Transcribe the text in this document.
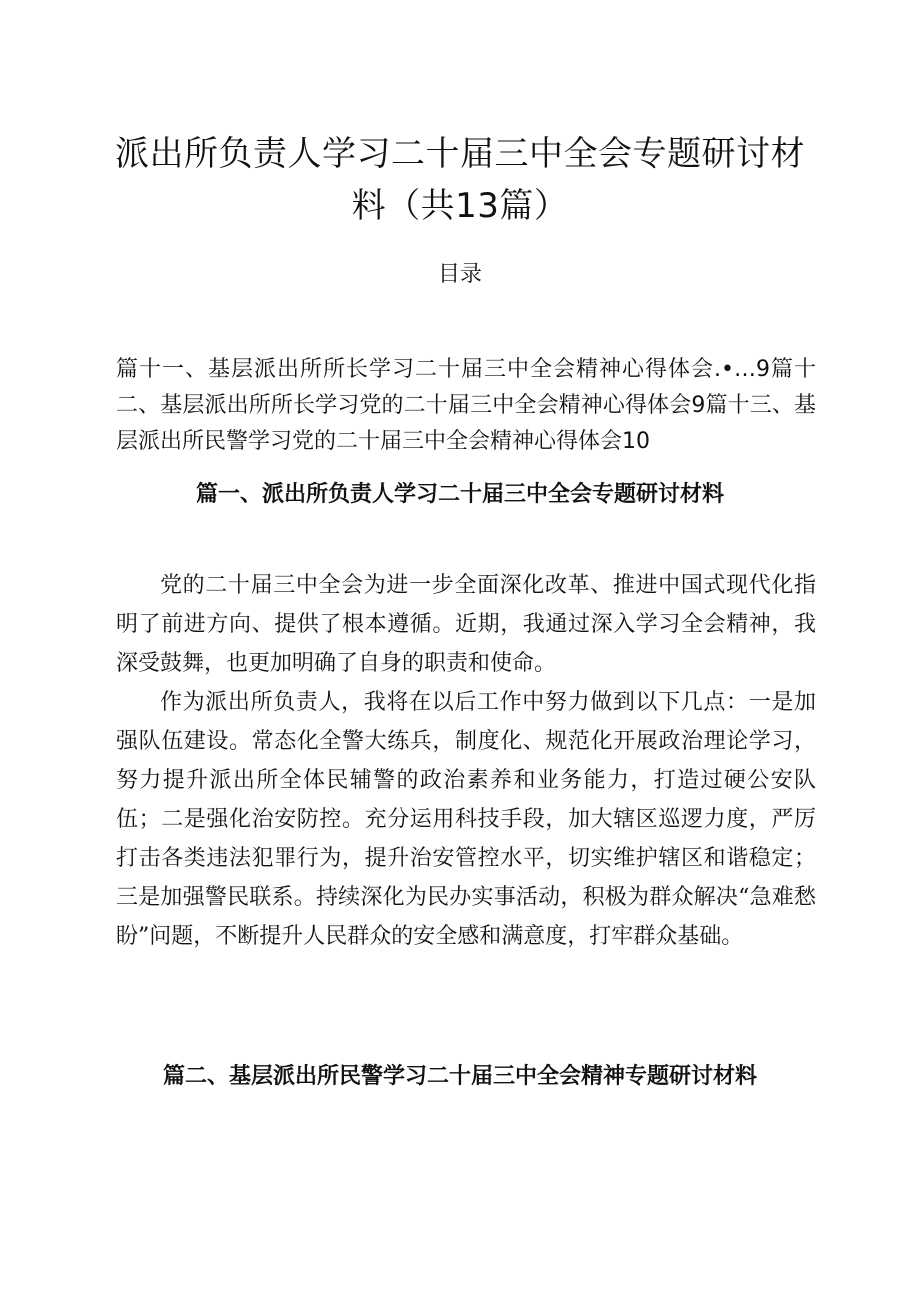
派出所负责人学习二十届三中全会专题研讨材料（共13篇）
目录
篇十一、基层派出所所长学习二十届三中全会精神心得体会.•…9篇十二、基层派出所所长学习党的二十届三中全会精神心得体会9篇十三、基层派出所民警学习党的二十届三中全会精神心得体会10
篇一、派出所负责人学习二十届三中全会专题研讨材料

党的二十届三中全会为进一步全面深化改革、推进中国式现代化指明了前进方向、提供了根本遵循。近期，我通过深入学习全会精神，我深受鼓舞，也更加明确了自身的职责和使命。

作为派出所负责人，我将在以后工作中努力做到以下几点：一是加强队伍建设。常态化全警大练兵，制度化、规范化开展政治理论学习，努力提升派出所全体民辅警的政治素养和业务能力，打造过硬公安队伍；二是强化治安防控。充分运用科技手段，加大辖区巡逻力度，严厉打击各类违法犯罪行为，提升治安管控水平，切实维护辖区和谐稳定；三是加强警民联系。持续深化为民办实事活动，积极为群众解决“急难愁盼”问题，不断提升人民群众的安全感和满意度，打牢群众基础。

篇二、基层派出所民警学习二十届三中全会精神专题研讨材料
